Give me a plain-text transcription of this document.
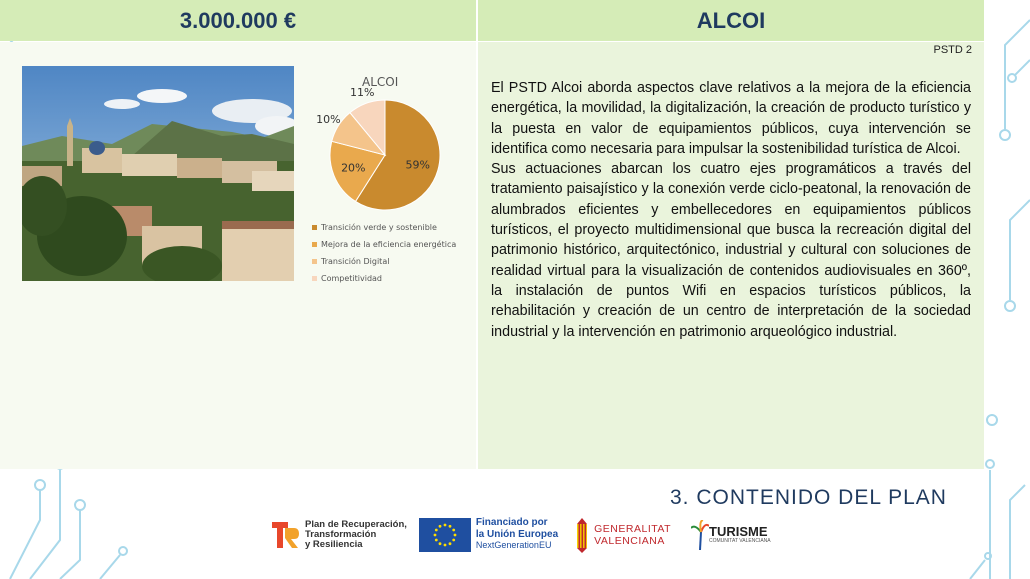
3.000.000 €	ALCOI
PSTD 2

El PSTD Alcoi aborda aspectos clave relativos a la mejora de la eficiencia energética, la movilidad, la digitalización, la creación de producto turístico y la puesta en valor de equipamientos públicos, cuya intervención se identifica como necesaria para impulsar la sostenibilidad turística de Alcoi.

Sus actuaciones abarcan los cuatro ejes programáticos a través del tratamiento paisajístico y la conexión verde ciclo-peatonal, la renovación de alumbrados eficientes y embellecedores en equipamientos públicos turísticos, el proyecto multidimensional que busca la recreación digital del patrimonio histórico, arquitectónico, industrial y cultural con soluciones de realidad virtual para la visualización de contenidos audiovisuales en 360º, la instalación de puntos Wifi en espacios turísticos públicos, la rehabilitación y creación de un centro de interpretación de la sociedad industrial y la intervención en patrimonio arqueológico industrial.

ALCOI
59%
20%
10%
11%
Transición verde y sostenible
Mejora de la eficiencia energética
Transición Digital
Competitividad
3. CONTENIDO DEL PLAN
Plan de Recuperación,
Transformación
y Resiliencia
Financiado por
la Unión Europea
NextGenerationEU
GENERALITAT
VALENCIANA
TURISME
COMUNITAT VALENCIANA
